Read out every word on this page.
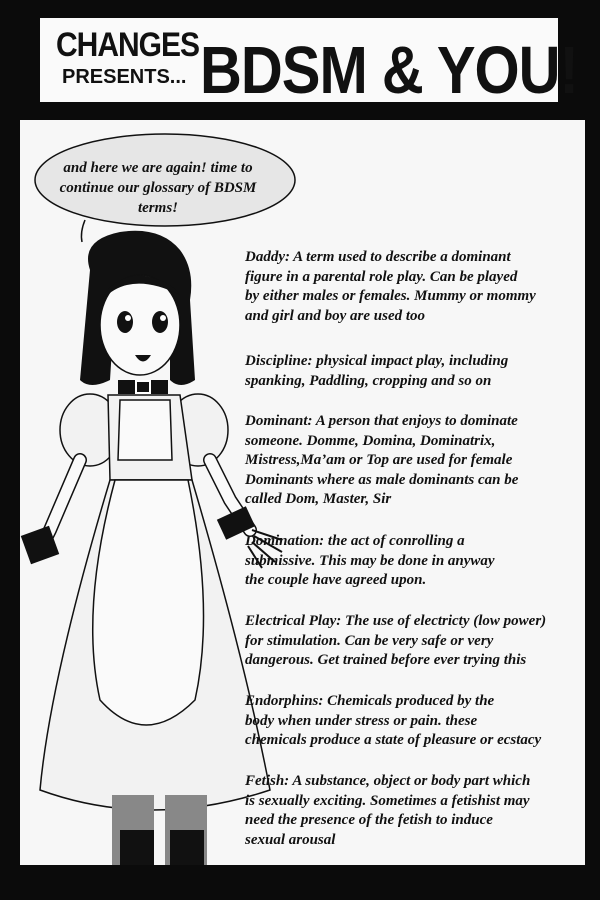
CHANGES
PRESENTS... BDSM & YOU!
and here we are again! time to continue our glossary of BDSM terms!
Daddy: A term used to describe a dominant
figure in a parental role play. Can be played
by either males or females. Mummy or mommy
and girl and boy are used too
Discipline: physical impact play, including
spanking, Paddling, cropping and so on
Dominant: A person that enjoys to dominate
someone. Domme, Domina, Dominatrix,
Mistress,Ma’am or Top are used for female
Dominants where as male dominants can be
called Dom, Master, Sir
Domination: the act of conrolling a
submissive. This may be done in anyway
the couple have agreed upon.
Electrical Play: The use of electricty (low power)
for stimulation. Can be very safe or very
dangerous. Get trained before ever trying this
Endorphins: Chemicals produced by the
body when under stress or pain. these
chemicals produce a state of pleasure or ecstacy
Fetish: A substance, object or body part which
is sexually exciting. Sometimes a fetishist may
need the presence of the fetish to induce
sexual arousal
